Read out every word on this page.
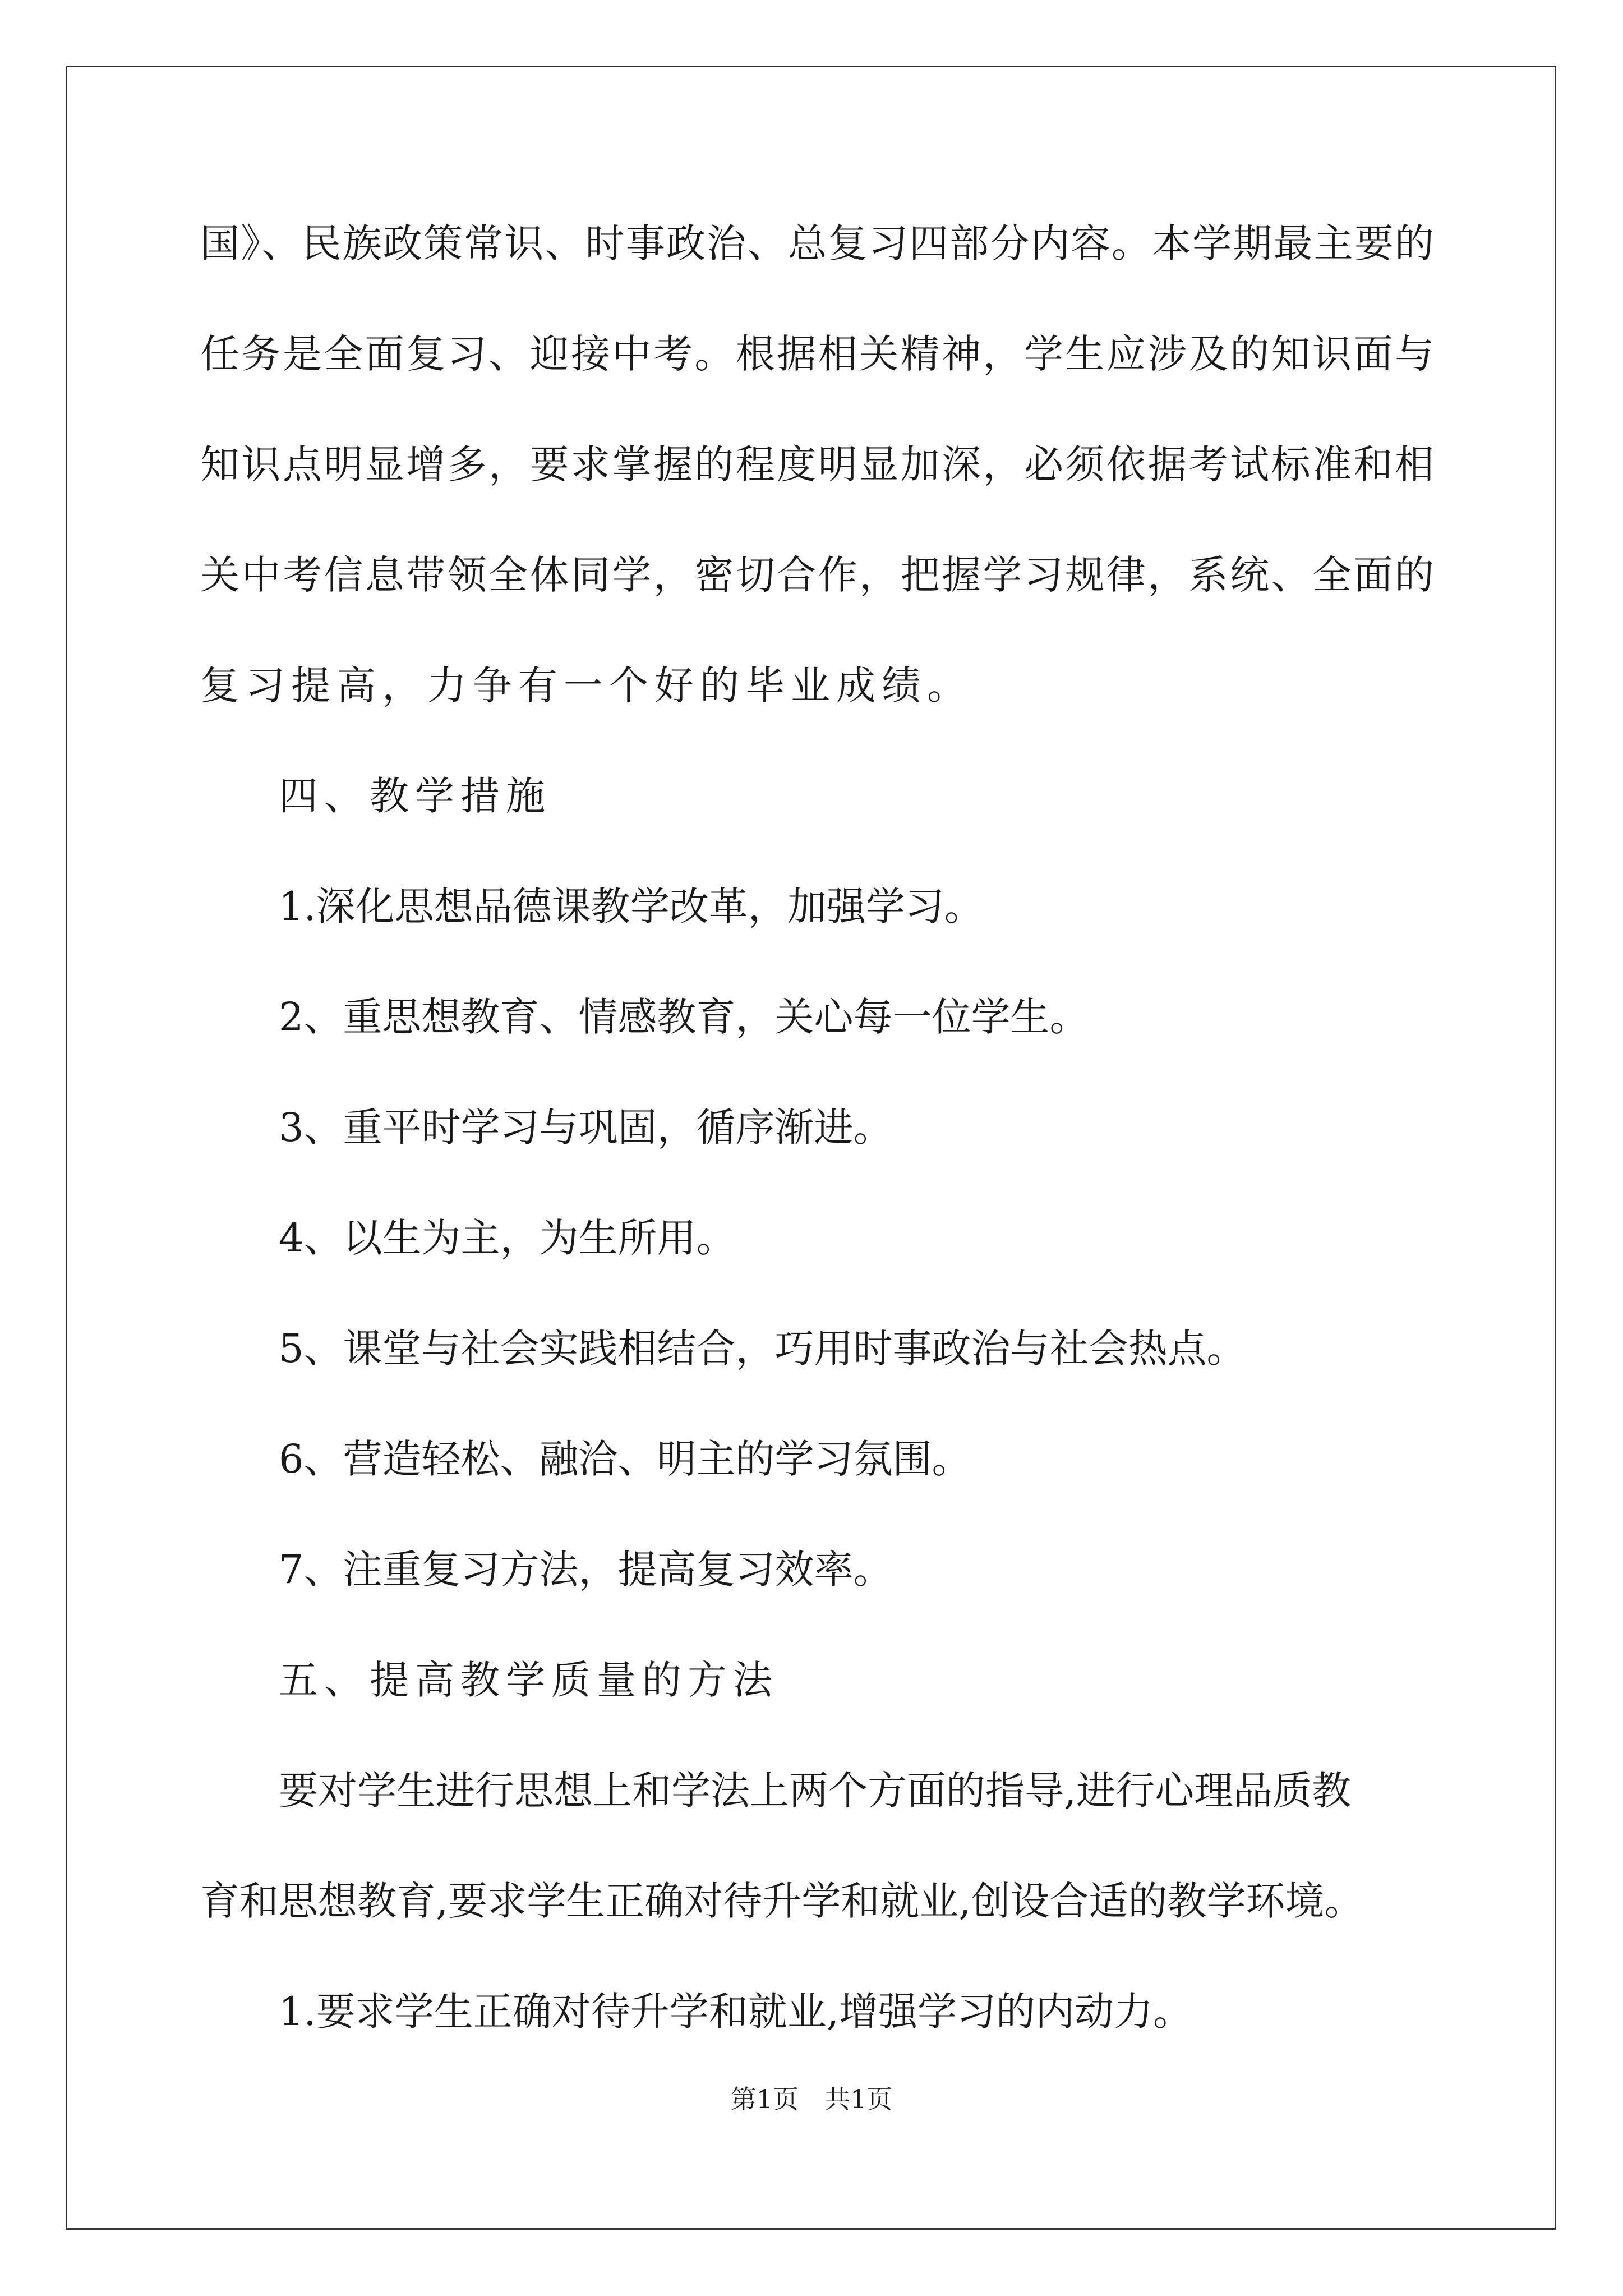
国》、民族政策常识、时事政治、总复习四部分内容。本学期最主要的
任务是全面复习、迎接中考。根据相关精神，学生应涉及的知识面与
知识点明显增多，要求掌握的程度明显加深，必须依据考试标准和相
关中考信息带领全体同学，密切合作，把握学习规律，系统、全面的
复习提高，力争有一个好的毕业成绩。
四、教学措施
1.深化思想品德课教学改革，加强学习。
2、重思想教育、情感教育，关心每一位学生。
3、重平时学习与巩固，循序渐进。
4、以生为主，为生所用。
5、课堂与社会实践相结合，巧用时事政治与社会热点。
6、营造轻松、融洽、明主的学习氛围。
7、注重复习方法，提高复习效率。
五、提高教学质量的方法
要对学生进行思想上和学法上两个方面的指导,进行心理品质教
育和思想教育,要求学生正确对待升学和就业,创设合适的教学环境。
1.要求学生正确对待升学和就业,增强学习的内动力。
第1页　共1页
